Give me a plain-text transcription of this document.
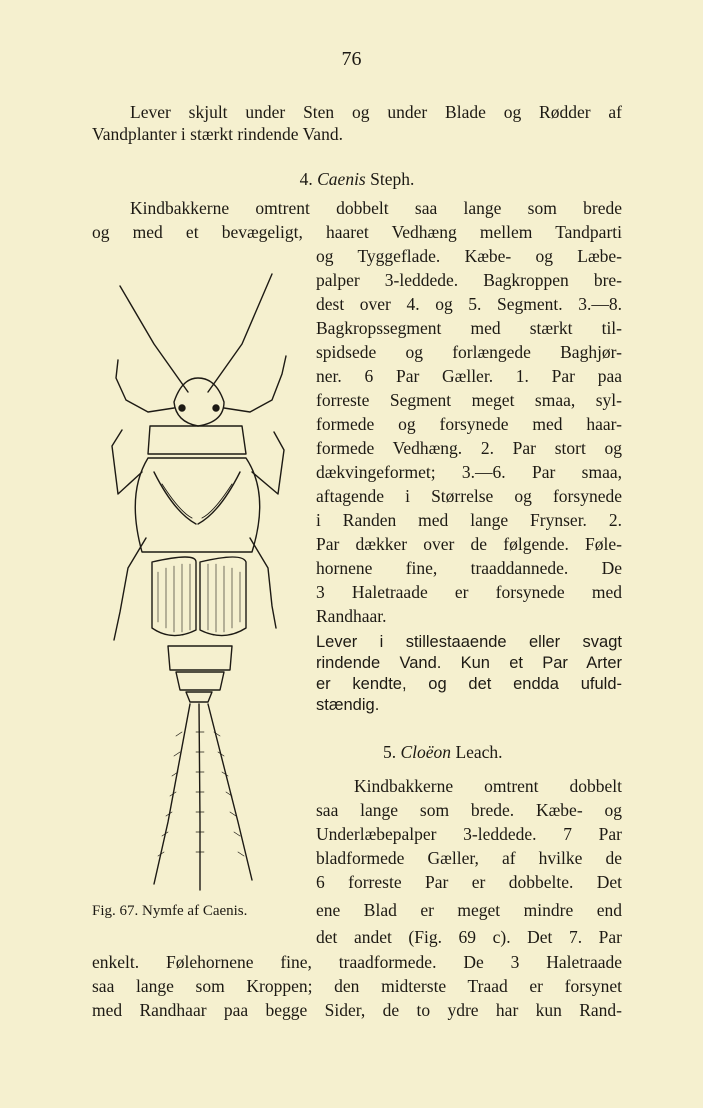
76
Lever skjult under Sten og under Blade og Rødder af
Vandplanter i stærkt rindende Vand.
4. Caenis Steph.
Kindbakkerne omtrent dobbelt saa lange som brede
og med et bevægeligt, haaret Vedhæng mellem Tandparti
og Tyggeflade. Kæbe- og Læbe-
palper 3-leddede. Bagkroppen bre-
dest over 4. og 5. Segment. 3.—8.
Bagkropssegment med stærkt til-
spidsede og forlængede Baghjør-
ner. 6 Par Gæller. 1. Par paa
forreste Segment meget smaa, syl-
formede og forsynede med haar-
formede Vedhæng. 2. Par stort og
dækvingeformet; 3.—6. Par smaa,
aftagende i Størrelse og forsynede
i Randen med lange Frynser. 2.
Par dækker over de følgende. Føle-
hornene fine, traaddannede. De
3 Haletraade er forsynede med
Randhaar.
Lever i stillestaaende eller svagt
rindende Vand. Kun et Par Arter
er kendte, og det endda ufuld-
stændig.
5. Cloëon Leach.
Kindbakkerne omtrent dobbelt
saa lange som brede. Kæbe- og
Underlæbepalper 3-leddede. 7 Par
bladformede Gæller, af hvilke de
6 forreste Par er dobbelte. Det
ene Blad er meget mindre end
det andet (Fig. 69 c). Det 7. Par
enkelt. Følehornene fine, traadformede. De 3 Haletraade
saa lange som Kroppen; den midterste Traad er forsynet
med Randhaar paa begge Sider, de to ydre har kun Rand-
Fig. 67. Nymfe af Caenis.
